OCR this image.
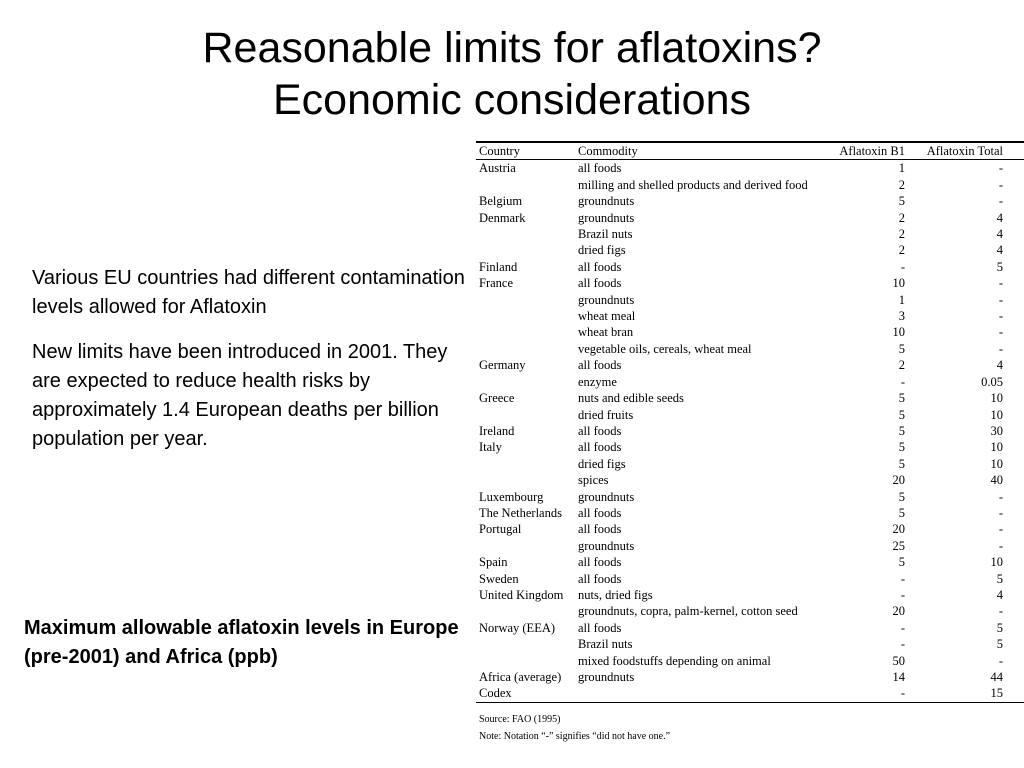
Reasonable limits for aflatoxins?
Economic considerations

Various EU countries had different contamination levels allowed for Aflatoxin

New limits have been introduced in 2001. They are expected to reduce health risks by approximately 1.4 European deaths per billion population per year.

Maximum allowable aflatoxin levels in Europe (pre-2001) and Africa (ppb)
Country	Commodity	Aflatoxin B1	Aflatoxin Total	
Austria	all foods	1	-	
	milling and shelled products and derived food	2	-	
Belgium	groundnuts	5	-	
Denmark	groundnuts	2	4	
	Brazil nuts	2	4	
	dried figs	2	4	
Finland	all foods	-	5	
France	all foods	10	-	
	groundnuts	1	-	
	wheat meal	3	-	
	wheat bran	10	-	
	vegetable oils, cereals, wheat meal	5	-	
Germany	all foods	2	4	
	enzyme	-	0.05	
Greece	nuts and edible seeds	5	10	
	dried fruits	5	10	
Ireland	all foods	5	30	
Italy	all foods	5	10	
	dried figs	5	10	
	spices	20	40	
Luxembourg	groundnuts	5	-	
The Netherlands	all foods	5	-	
Portugal	all foods	20	-	
	groundnuts	25	-	
Spain	all foods	5	10	
Sweden	all foods	-	5	
United Kingdom	nuts, dried figs	-	4	
	groundnuts, copra, palm-kernel, cotton seed	20	-	
Norway (EEA)	all foods	-	5	
	Brazil nuts	-	5	
	mixed foodstuffs depending on animal	50	-	
Africa (average)	groundnuts	14	44	
Codex		-	15	
Source: FAO (1995)
Note: Notation “-” signifies “did not have one.”
